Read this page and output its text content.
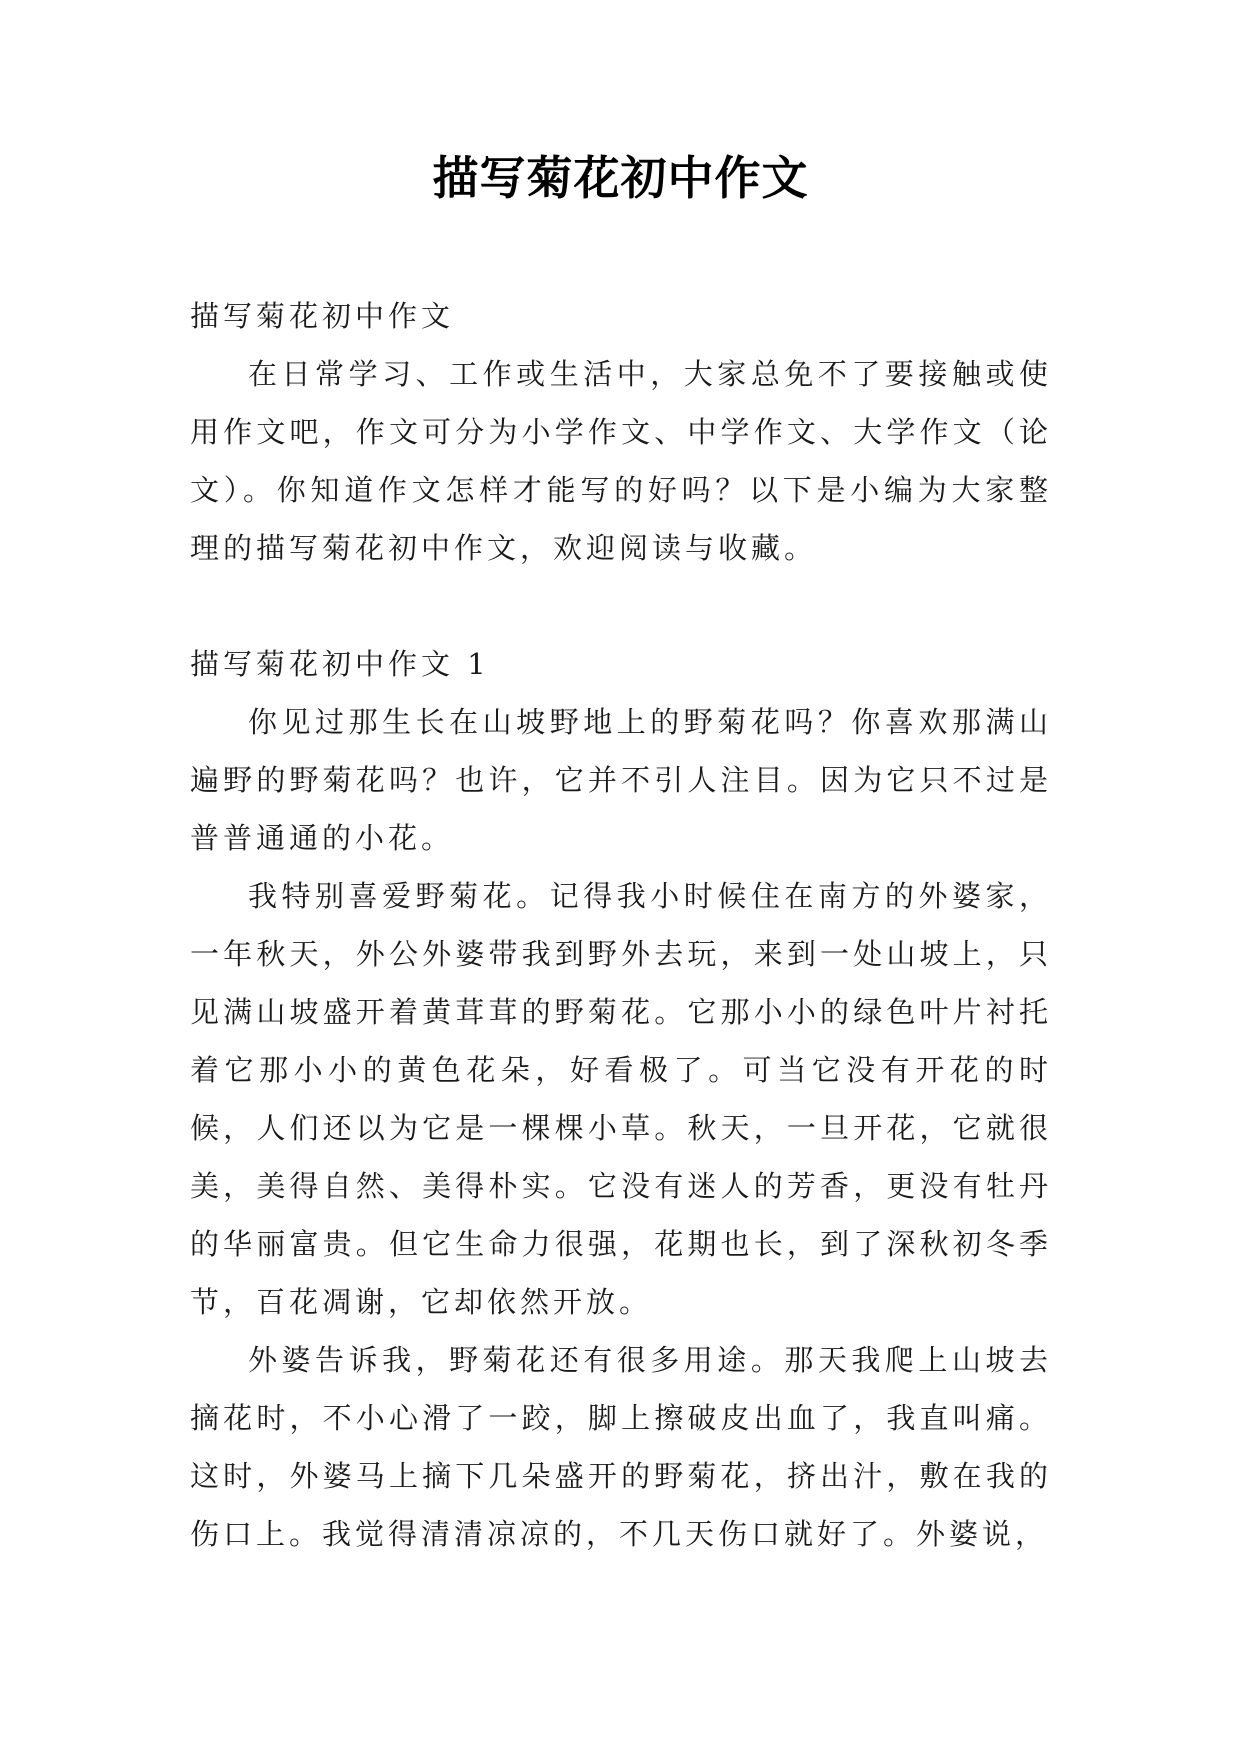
描写菊花初中作文

描写菊花初中作文

在日常学习、工作或生活中，大家总免不了要接触或使用作文吧，作文可分为小学作文、中学作文、大学作文（论文）。你知道作文怎样才能写的好吗？以下是小编为大家整理的描写菊花初中作文，欢迎阅读与收藏。

描写菊花初中作文 1

你见过那生长在山坡野地上的野菊花吗？你喜欢那满山遍野的野菊花吗？也许，它并不引人注目。因为它只不过是普普通通的小花。

我特别喜爱野菊花。记得我小时候住在南方的外婆家，一年秋天，外公外婆带我到野外去玩，来到一处山坡上，只见满山坡盛开着黄茸茸的野菊花。它那小小的绿色叶片衬托着它那小小的黄色花朵，好看极了。可当它没有开花的时候，人们还以为它是一棵棵小草。秋天，一旦开花，它就很美，美得自然、美得朴实。它没有迷人的芳香，更没有牡丹的华丽富贵。但它生命力很强，花期也长，到了深秋初冬季节，百花凋谢，它却依然开放。

外婆告诉我，野菊花还有很多用途。那天我爬上山坡去摘花时，不小心滑了一跤，脚上擦破皮出血了，我直叫痛。这时，外婆马上摘下几朵盛开的野菊花，挤出汁，敷在我的伤口上。我觉得清清凉凉的，不几天伤口就好了。外婆说，
